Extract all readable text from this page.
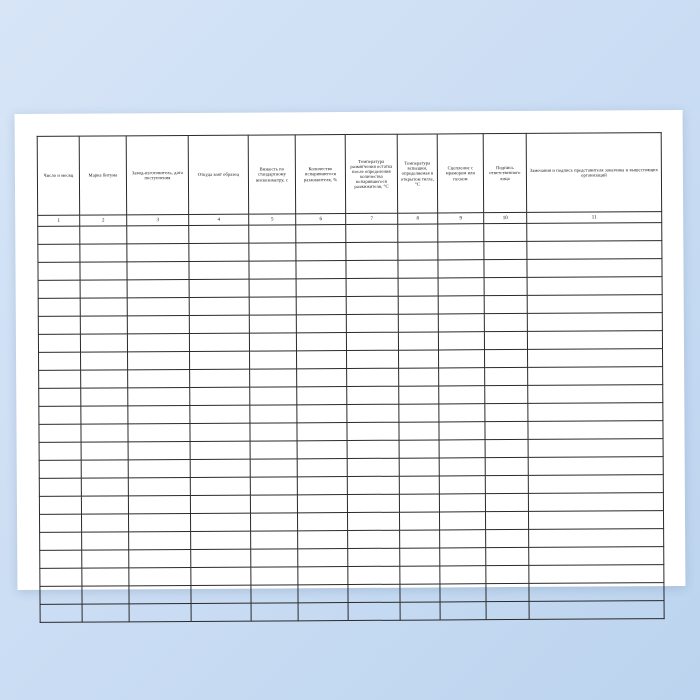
Число и месяц	Марка битума	Завод-изготовитель, дата поступления	Откуда взят образец	Вязкость по стандартному вискозиметру, с	Количество испарившегося разжижителя, %	Температура размягчения остатка после определения количества испарившегося разжижителя, °С	Температура вспышки, определяемая в открытом тигле, °С	Сцепление с мрамором или песком	Подпись ответственного лица	Замечания и подпись представителя заказчика и вышестоящих организаций

1	2	3	4	5	6	7	8	9	10	11
